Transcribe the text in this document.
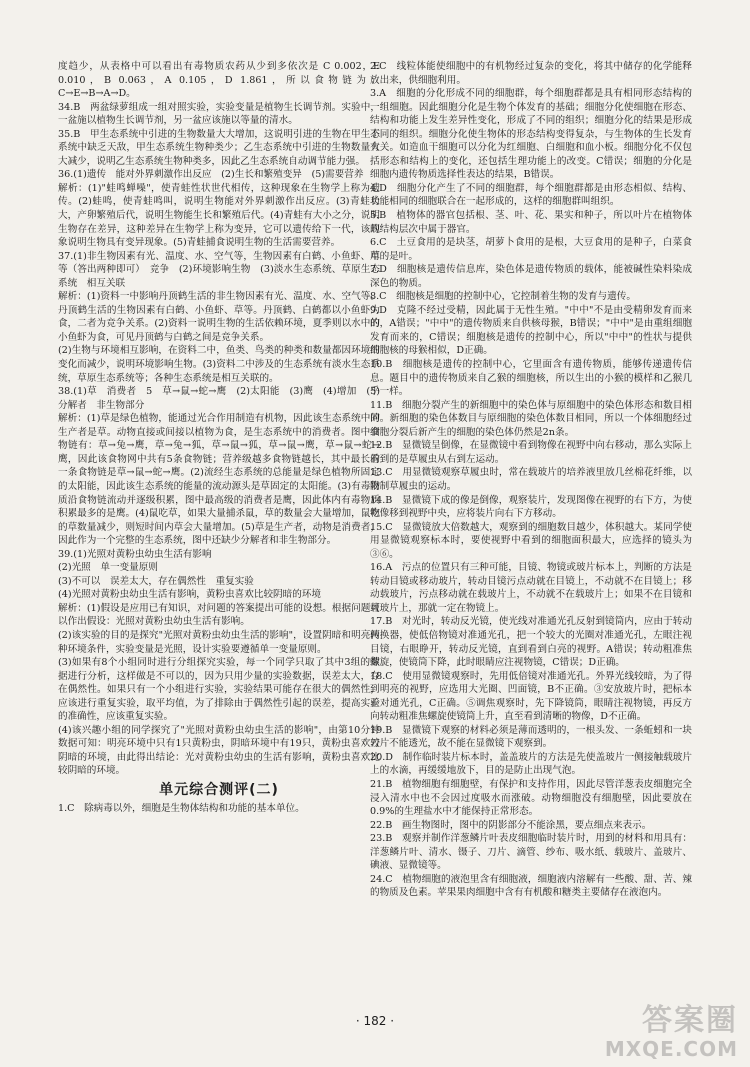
度趋少，从表格中可以看出有毒物质农药从少到多依次是 C 0.002，E 0.010，B 0.063，A 0.105，D 1.861，所以食物链为：C→E→B→A→D。

34.B　两盆绿萝组成一组对照实验，实验变量是植物生长调节剂。实验中，一盆施以植物生长调节剂，另一盆应该施以等量的清水。

35.B　甲生态系统中引进的生物数量大大增加，这说明引进的生物在甲生态系统中缺乏天敌，甲生态系统生物种类少；乙生态系统中引进的生物数量大大减少，说明乙生态系统生物种类多，因此乙生态系统自动调节能力强。

36.(1)遗传　能对外界刺激作出反应　(2)生长和繁殖变异　(5)需要营养

解析：(1)"蛙鸣蝉噪"，使青蛙性状世代相传，这种现象在生物学上称为遗传。(2)蛙鸣，使青蛙鸣叫，说明生物能对外界刺激作出反应。(3)青蛙长大，产卵繁殖后代，说明生物能生长和繁殖后代。(4)青蛙有大小之分，说明生物存在差异，这种差异在生物学上称为变异，它可以遗传给下一代，该现象说明生物具有变异现象。(5)青蛙捕食说明生物的生活需要营养。

37.(1)非生物因素有光、温度、水、空气等，生物因素有白鹤、小鱼虾、草等（答出两种即可）　竞争　(2)环境影响生物　(3)淡水生态系统、草原生态系统　相互关联

解析：(1)资料一中影响丹顶鹤生活的非生物因素有光、温度、水、空气等。丹顶鹤生活的生物因素有白鹤、小鱼虾、草等。丹顶鹤、白鹤都以小鱼虾为食，二者为竞争关系。(2)资料一说明生物的生活依赖环境，夏季则以水中的小鱼虾为食，可见丹顶鹤与白鹤之间是竞争关系。

(2)生物与环境相互影响，在资料二中，鱼类、鸟类的种类和数量都因环境的变化而减少，说明环境影响生物。(3)资料二中涉及的生态系统有淡水生态系统，草原生态系统等；各种生态系统是相互关联的。

38.(1)草　消费者　5　草→鼠→蛇→鹰　(2)太阳能　(3)鹰　(4)增加　(5)分解者　非生物部分

解析：(1)草是绿色植物，能通过光合作用制造有机物，因此该生态系统中的生产者是草。动物直接或间接以植物为食，是生态系统中的消费者。图中食物链有：草→兔→鹰，草→兔→狐，草→鼠→狐，草→鼠→鹰，草→鼠→蛇→鹰，因此该食物网中共有5条食物链；营养级越多食物链越长，其中最长的一条食物链是草→鼠→蛇→鹰。(2)流经生态系统的总能量是绿色植物所固定的太阳能，因此该生态系统的能量的流动源头是草固定的太阳能。(3)有毒物质沿食物链流动并逐级积累，图中最高级的消费者是鹰，因此体内有毒物质积累最多的是鹰。(4)鼠吃草，如果大量捕杀鼠，草的数量会大量增加，鼠吃的草数量减少，则短时间内草会大量增加。(5)草是生产者，动物是消费者，因此作为一个完整的生态系统，图中还缺少分解者和非生物部分。

39.(1)光照对黄粉虫幼虫生活有影响

(2)光照　单一变量原则

(3)不可以　误差太大，存在偶然性　重复实验

(4)光照对黄粉虫幼虫生活有影响，黄粉虫喜欢比较阴暗的环境

解析：(1)假设是应用已有知识，对问题的答案提出可能的设想。根据问题可以作出假设：光照对黄粉虫幼虫生活有影响。

(2)该实验的目的是探究"光照对黄粉虫幼虫生活的影响"，设置阴暗和明亮两种环境条件，实验变量是光照，设计实验要遵循单一变量原则。

(3)如果有8个小组同时进行分组探究实验，每一个同学只取了其中3组的数据进行分析，这样做是不可以的，因为只用少量的实验数据，误差太大，存在偶然性。如果只有一个小组进行实验，实验结果可能存在很大的偶然性，应该进行重复实验，取平均值，为了排除由于偶然性引起的误差，提高实验的准确性，应该重复实验。

(4)该兴趣小组的同学探究了"光照对黄粉虫幼虫生活的影响"，由第10分钟数据可知：明亮环境中只有1只黄粉虫，阴暗环境中有19只，黄粉虫喜欢较阴暗的环境，由此得出结论：光对黄粉虫幼虫的生活有影响，黄粉虫喜欢比较阴暗的环境。

单元综合测评(二)

1.C　除病毒以外，细胞是生物体结构和功能的基本单位。

2.C　线粒体能使细胞中的有机物经过复杂的变化，将其中储存的化学能释放出来，供细胞利用。

3.A　细胞的分化形成不同的细胞群，每个细胞群都是具有相同形态结构的一组细胞。因此细胞分化是生物个体发育的基础；细胞分化使细胞在形态、结构和功能上发生差异性变化，形成了不同的组织；细胞分化的结果是形成不同的组织。细胞分化使生物体的形态结构变得复杂，与生物体的生长发育有关。如造血干细胞可以分化为红细胞、白细胞和血小板。细胞分化不仅包括形态和结构上的变化，还包括生理功能上的改变。C错误；细胞的分化是细胞内遗传物质选择性表达的结果，B错误。

4.D　细胞分化产生了不同的细胞群，每个细胞群都是由形态相似、结构、功能相同的细胞联合在一起形成的，这样的细胞群叫组织。

5.B　植物体的器官包括根、茎、叶、花、果实和种子，所以叶片在植物体的结构层次中属于器官。

6.C　土豆食用的是块茎，胡萝卜食用的是根，大豆食用的是种子，白菜食用的是叶。

7.D　细胞核是遗传信息库，染色体是遗传物质的载体，能被碱性染料染成深色的物质。

8.C　细胞核是细胞的控制中心，它控制着生物的发育与遗传。

9.D　克隆不经过受精，因此属于无性生殖。"中中"不是由受精卵发育而来的，A错误；"中中"的遗传物质来自供核母猴，B错误；"中中"是由重组细胞发育而来的，C错误；细胞核是遗传的控制中心，所以"中中"的性状与提供细胞核的母猴相似，D正确。

10.B　细胞核是遗传的控制中心，它里面含有遗传物质，能够传递遗传信息。题目中的遗传物质来自乙猴的细胞核，所以生出的小猴的模样和乙猴几乎一样。

11.B　细胞分裂产生的新细胞中的染色体与原细胞中的染色体形态和数目相同。新细胞的染色体数目与原细胞的染色体数目相同，所以一个体细胞经过细胞分裂后新产生的细胞的染色体仍然是2n条。

12.B　显微镜呈倒像，在显微镜中看到物像在视野中向右移动，那么实际上看到的是草履虫从右到左运动。

13.C　用显微镜观察草履虫时，常在载玻片的培养液里放几丝棉花纤维，以限制草履虫的运动。

14.B　显微镜下成的像是倒像，观察装片，发现图像在视野的右下方，为使物像移到视野中央，应将装片向右下方移动。

15.C　显微镜放大倍数越大，观察到的细胞数目越少，体积越大。某同学使用显微镜观察标本时，要使视野中看到的细胞面积最大，应选择的镜头为③⑥。

16.A　污点的位置只有三种可能，目镜、物镜或玻片标本上，判断的方法是转动目镜或移动玻片，转动目镜污点动就在目镜上，不动就不在目镜上；移动载玻片，污点移动就在载玻片上，不动就不在载玻片上；如果不在目镜和载玻片上，那就一定在物镜上。

17.B　对光时，转动反光镜，使光线对准通光孔反射到镜筒内，应由于转动转换器，使低倍物镜对准通光孔，把一个较大的光圈对准通光孔，左眼注视目镜，右眼睁开，转动反光镜，直到看到白亮的视野。A错误；转动粗准焦螺旋，使镜筒下降，此时眼睛应注视物镜，C错误；D正确。

18.C　使用显微镜观察时，先用低倍镜对准通光孔。外界光线较暗，为了得到明亮的视野，应选用大光圈、凹面镜，B不正确。③安放玻片时，把标本正对通光孔，C正确。⑤调焦观察时，先下降镜筒，眼睛注视物镜，再反方向转动粗准焦螺旋使镜筒上升，直至看到清晰的物像，D不正确。

19.B　显微镜下观察的材料必须是薄而透明的，一根头发、一条蚯蚓和一块刀片不能透光，故不能在显微镜下观察到。

20.D　制作临时装片标本时，盖盖玻片的方法是先使盖玻片一侧接触载玻片上的水滴，再缓缓地放下，目的是防止出现气泡。

21.B　植物细胞有细胞壁，有保护和支持作用，因此尽管洋葱表皮细胞完全浸入清水中也不会因过度吸水而涨破。动物细胞没有细胞壁，因此要放在0.9%的生理盐水中才能保持正常形态。

22.B　画生物图时，图中的阴影部分不能涂黑，要点细点来表示。

23.B　观察并制作洋葱鳞片叶表皮细胞临时装片时，用到的材料和用具有：洋葱鳞片叶、清水、镊子、刀片、滴管、纱布、吸水纸、载玻片、盖玻片、碘液、显微镜等。

24.C　植物细胞的液泡里含有细胞液，细胞液内溶解有一些酸、甜、苦、辣的物质及色素。苹果果肉细胞中含有有机酸和糖类主要储存在液泡内。

· 182 ·	答案圈
MXQE.COM
